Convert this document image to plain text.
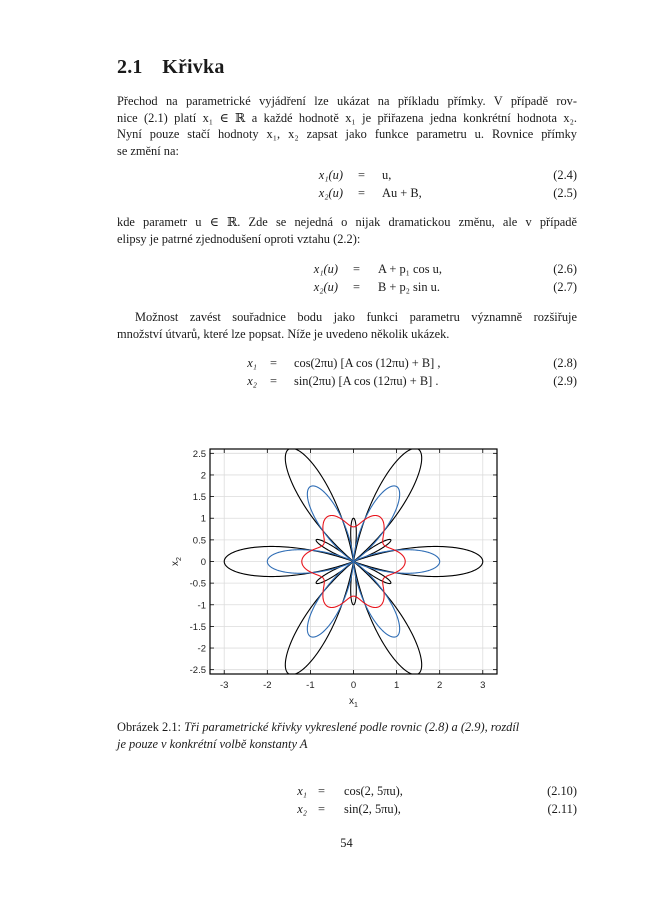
2.1 Křivka
Přechod na parametrické vyjádření lze ukázat na příkladu přímky. V případě rov-
nice (2.1) platí x₁ ∈ ℝ a každé hodnotě x₁ je přiřazena jedna konkrétní hodnota x₂.
Nyní pouze stačí hodnoty x₁, x₂ zapsat jako funkce parametru u. Rovnice přímky
se změní na:
x₁(u) = u,	(2.4)
x₂(u) = Au + B,	(2.5)
kde parametr u ∈ ℝ. Zde se nejedná o nijak dramatickou změnu, ale v případě
elipsy je patrné zjednodušení oproti vztahu (2.2):
x₁(u) = A + p₁ cos u,	(2.6)
x₂(u) = B + p₂ sin u.	(2.7)
Možnost zavést souřadnice bodu jako funkci parametru významně rozšiřuje
množství útvarů, které lze popsat. Níže je uvedeno několik ukázek.
x₁ = cos(2πu) [A cos (12πu) + B] ,	(2.8)
x₂ = sin(2πu) [A cos (12πu) + B] .	(2.9)
-3	-2	-1	0	1	2	3
-2.5
-2
-1.5
-1
-0.5
0
0.5
1
1.5
2
2.5
$x_1$
$x_2$
Obrázek 2.1: Tři parametrické křivky vykreslené podle rovnic (2.8) a (2.9), rozdíl
je pouze v konkrétní volbě konstanty A
x₁ = cos(2, 5πu),	(2.10)
x₂ = sin(2, 5πu),	(2.11)
54
